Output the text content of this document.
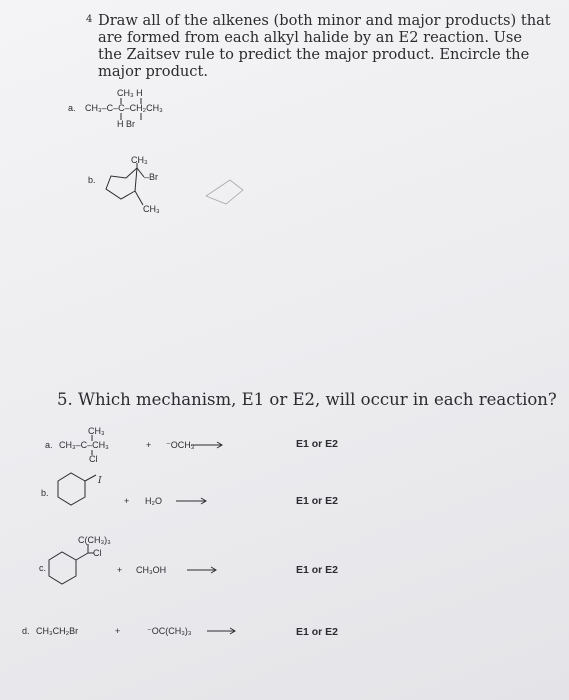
4 Draw all of the alkenes (both minor and major products) that
are formed from each alkyl halide by an E2 reaction. Use
the Zaitsev rule to predict the major product. Encircle the
major product.
a.
CH₃ H
CH₃–C–C–CH₂CH₃
H Br
b.
CH₃
–Br
CH₃
5. Which mechanism, E1 or E2, will occur in each reaction?
a.
CH₃
CH₃–C–CH₃
Cl
+ ⁻OCH₃	E1 or E2
b.
I
+ H₂O	E1 or E2
c.
C(CH₃)₃
Cl
+ CH₃OH	E1 or E2
d. CH₃CH₂Br	+	⁻OC(CH₃)₃	E1 or E2
